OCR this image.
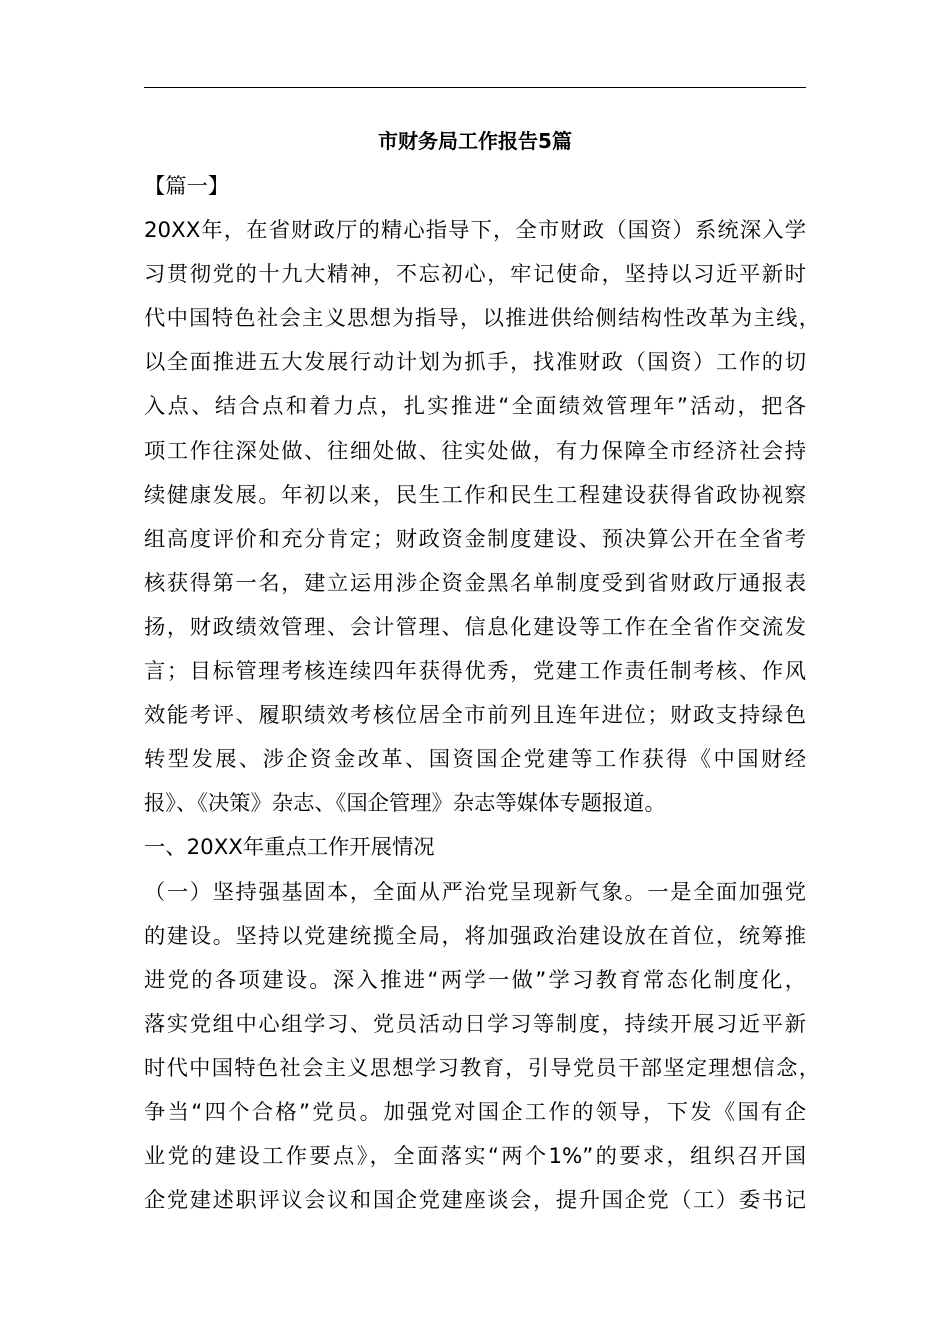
市财务局工作报告5篇
【篇一】
20XX年，在省财政厅的精心指导下，全市财政（国资）系统深入学
习贯彻党的十九大精神，不忘初心，牢记使命，坚持以习近平新时
代中国特色社会主义思想为指导，以推进供给侧结构性改革为主线，
以全面推进五大发展行动计划为抓手，找准财政（国资）工作的切
入点、结合点和着力点，扎实推进“全面绩效管理年”活动，把各
项工作往深处做、往细处做、往实处做，有力保障全市经济社会持
续健康发展。年初以来，民生工作和民生工程建设获得省政协视察
组高度评价和充分肯定；财政资金制度建设、预决算公开在全省考
核获得第一名，建立运用涉企资金黑名单制度受到省财政厅通报表
扬，财政绩效管理、会计管理、信息化建设等工作在全省作交流发
言；目标管理考核连续四年获得优秀，党建工作责任制考核、作风
效能考评、履职绩效考核位居全市前列且连年进位；财政支持绿色
转型发展、涉企资金改革、国资国企党建等工作获得《中国财经
报》、《决策》杂志、《国企管理》杂志等媒体专题报道。
一、20XX年重点工作开展情况
（一）坚持强基固本，全面从严治党呈现新气象。一是全面加强党
的建设。坚持以党建统揽全局，将加强政治建设放在首位，统筹推
进党的各项建设。深入推进“两学一做”学习教育常态化制度化，
落实党组中心组学习、党员活动日学习等制度，持续开展习近平新
时代中国特色社会主义思想学习教育，引导党员干部坚定理想信念，
争当“四个合格”党员。加强党对国企工作的领导，下发《国有企
业党的建设工作要点》，全面落实“两个1%”的要求，组织召开国
企党建述职评议会议和国企党建座谈会，提升国企党（工）委书记
